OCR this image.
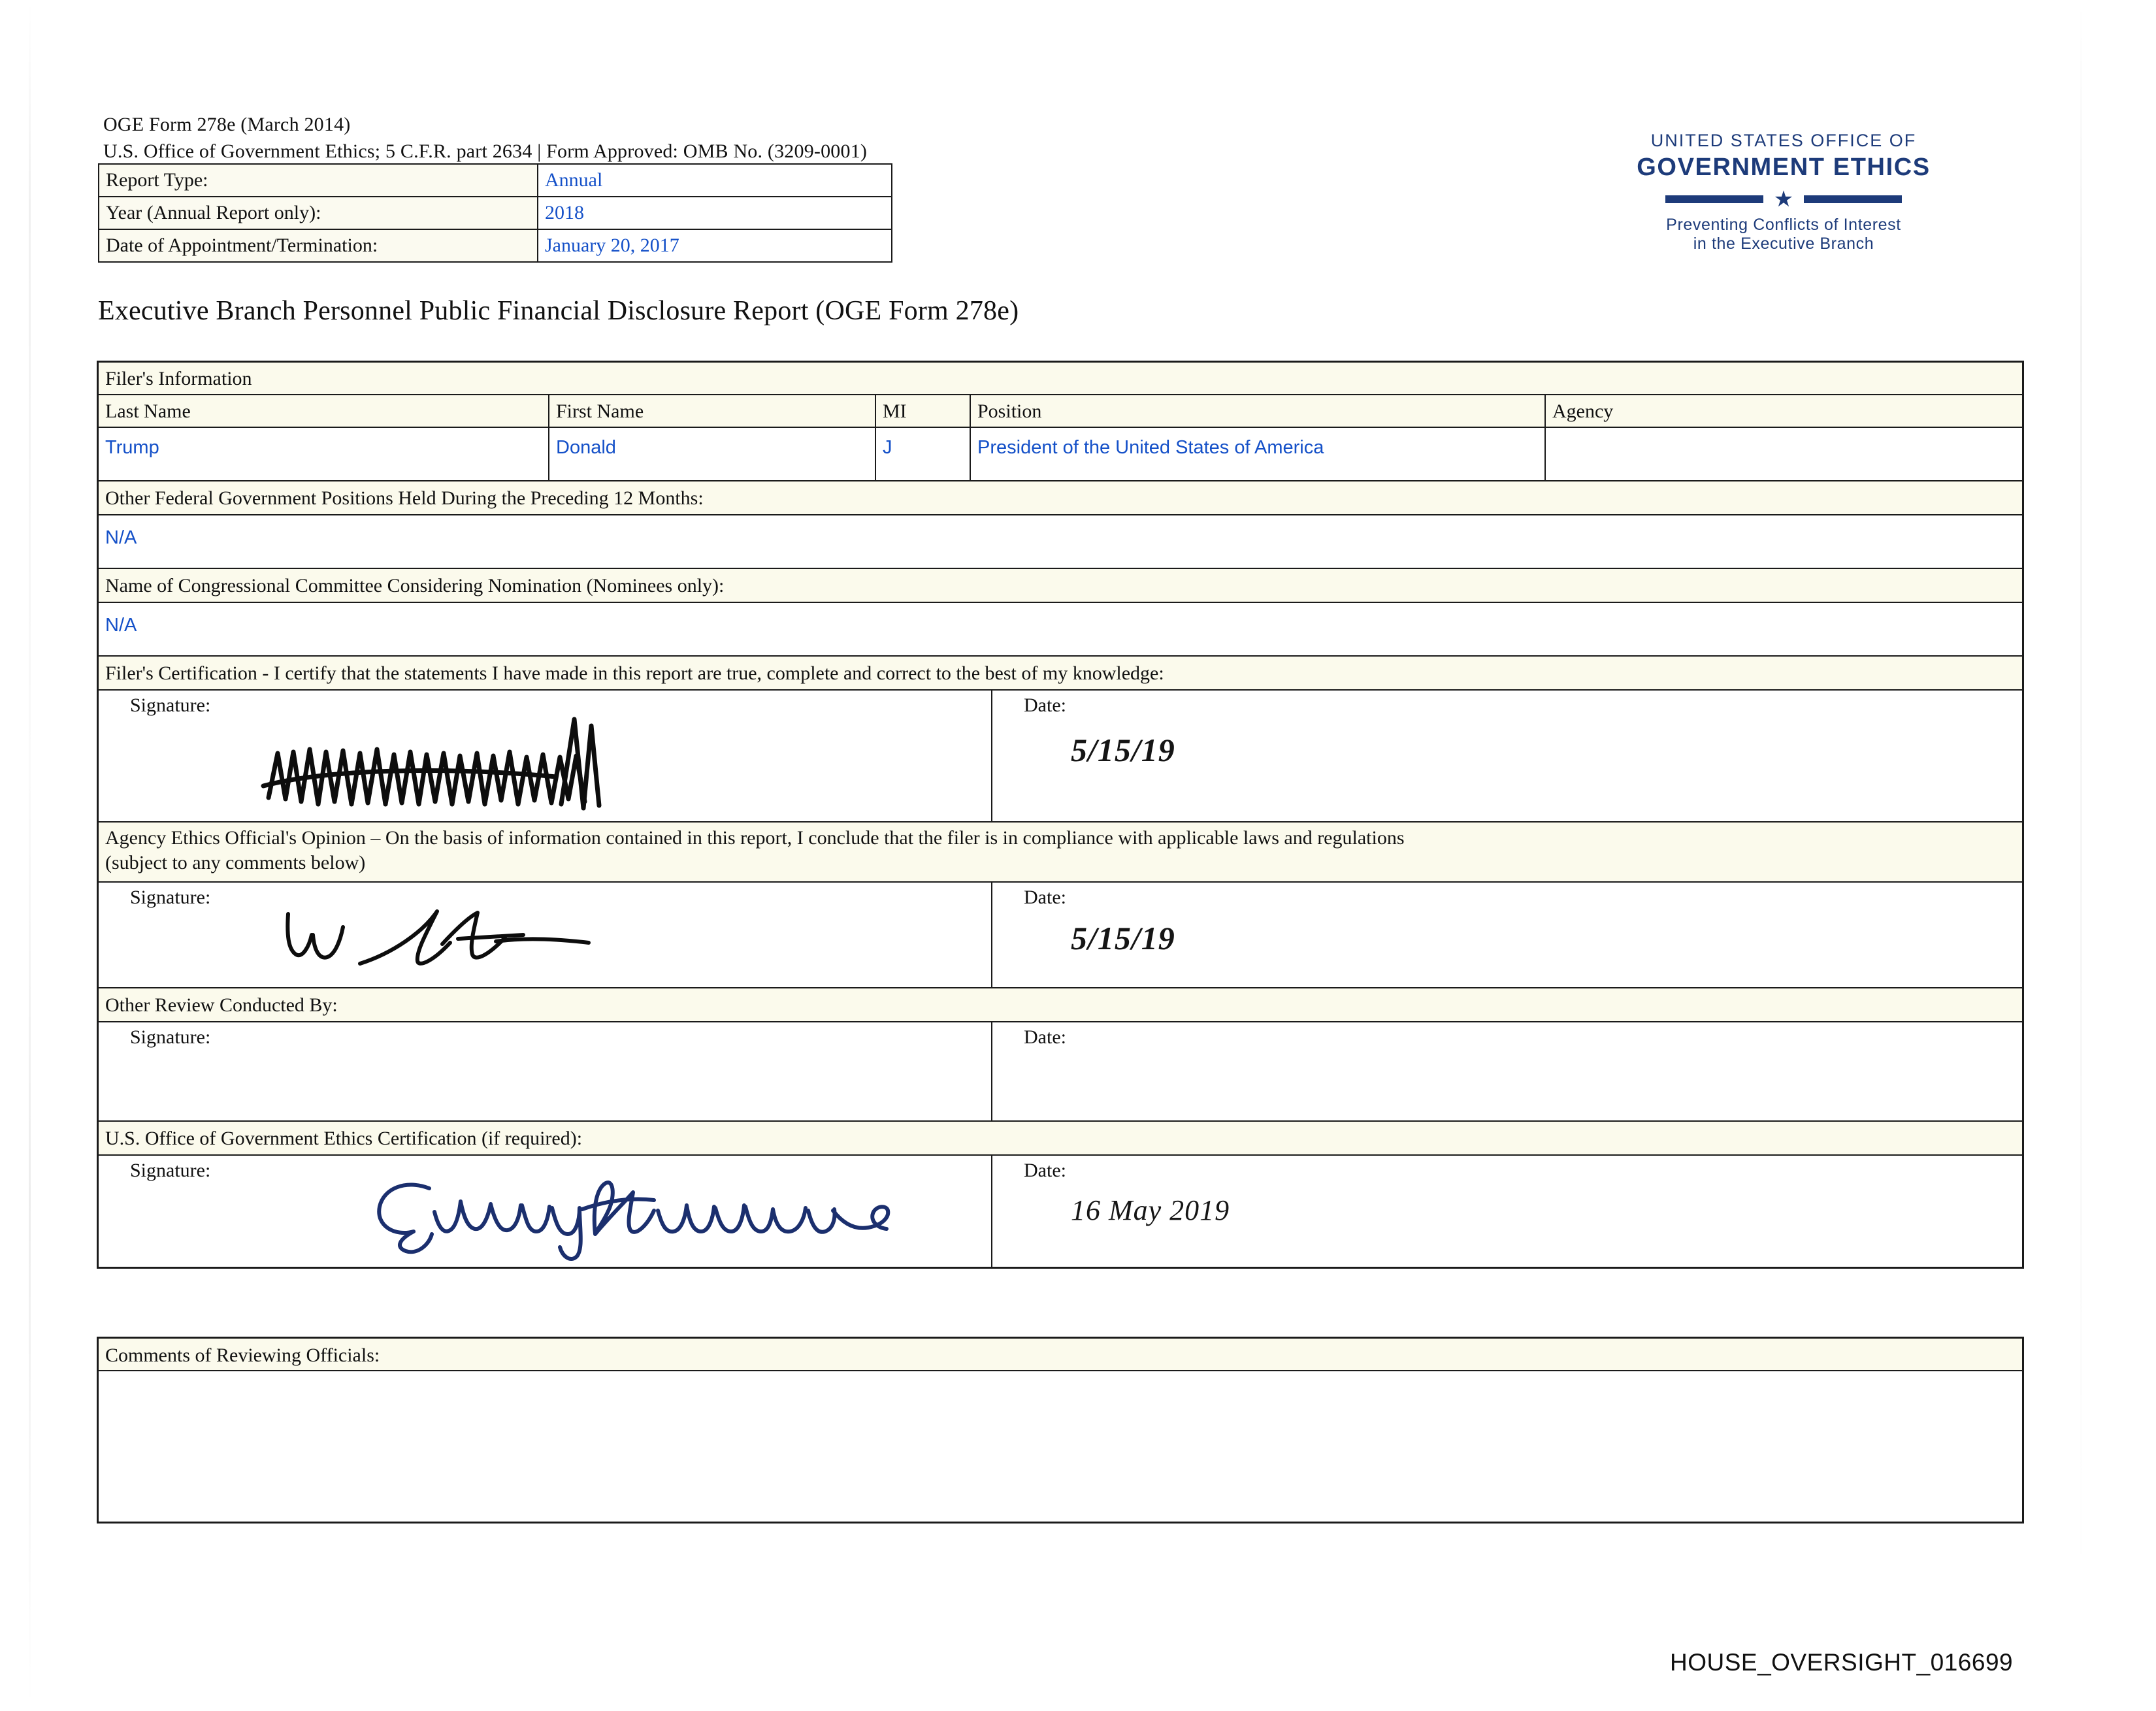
OGE Form 278e (March 2014)
U.S. Office of Government Ethics; 5 C.F.R. part 2634 | Form Approved: OMB No. (3209-0001)
Report Type:	Annual
Year (Annual Report only):	2018
Date of Appointment/Termination:	January 20, 2017
UNITED STATES OFFICE OF
GOVERNMENT ETHICS
★
Preventing Conflicts of Interest
in the Executive Branch
Executive Branch Personnel Public Financial Disclosure Report (OGE Form 278e)
Filer's Information
Last Name	First Name	MI	Position	Agency
Trump	Donald	J	President of the United States of America
Other Federal Government Positions Held During the Preceding 12 Months:
N/A
Name of Congressional Committee Considering Nomination (Nominees only):
N/A
Filer's Certification - I certify that the statements I have made in this report are true, complete and correct to the best of my knowledge:
Signature:	Date:
5/15/19
Agency Ethics Official's Opinion – On the basis of information contained in this report, I conclude that the filer is in compliance with applicable laws and regulations
(subject to any comments below)
Signature:	Date:
5/15/19
Other Review Conducted By:
Signature:	Date:
U.S. Office of Government Ethics Certification (if required):
Signature:	Date:
16 May 2019
Comments of Reviewing Officials:
HOUSE_OVERSIGHT_016699
